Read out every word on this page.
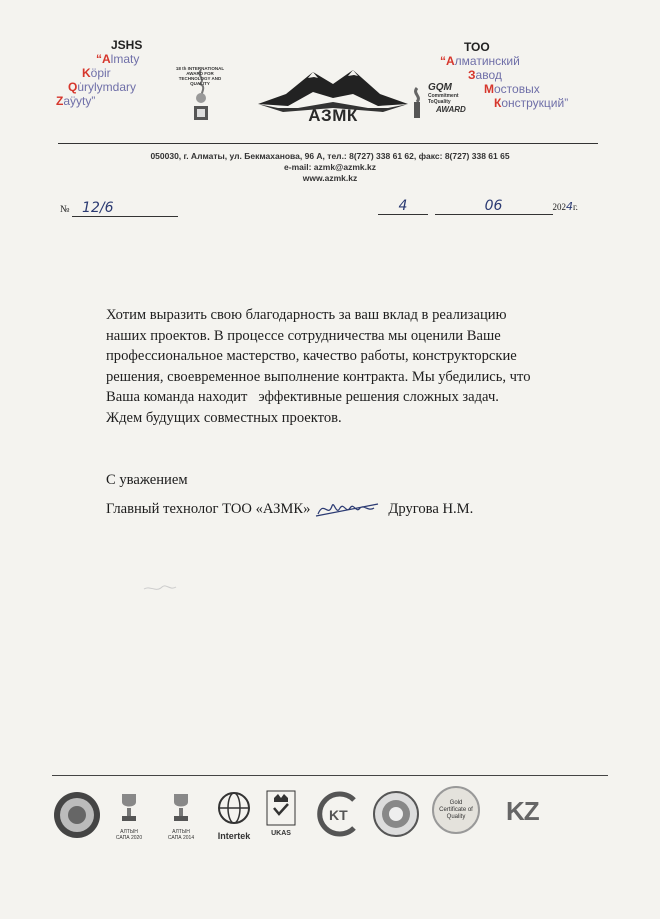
JSHS
“Almaty
Köpir
Qu̇rylymdary
Zaÿyty”
18 th INTERNATIONAL AWARD FOR TECHNOLOGY AND QUALITY
АЗМК
GQM
Commitment ToQuality
AWARD
ТОО
“Алматинский
Завод
Мостовых
Конструкций”
050030, г. Алматы, ул. Бекмаханова, 96 А, тел.: 8(727) 338 61 62, факс: 8(727) 338 61 65
e-mail: azmk@azmk.kz
www.azmk.kz
№ 12/6	4	06	2024г.
Хотим выразить свою благодарность за ваш вклад в реализацию
наших проектов. В процессе сотрудничества мы оценили Ваше
профессиональное мастерство, качество работы, конструкторские
решения, своевременное выполнение контракта. Мы убедились, что
Ваша команда находит   эффективные решения сложных задач.
Ждем будущих совместных проектов.
С уважением
Главный технолог ТОО «АЗМК»	Другова Н.М.
АЛТЫН САПА 2020
АЛТЫН САПА 2014	Intertek	UKAS
KT
Gold Certificate of Quality	KZ
